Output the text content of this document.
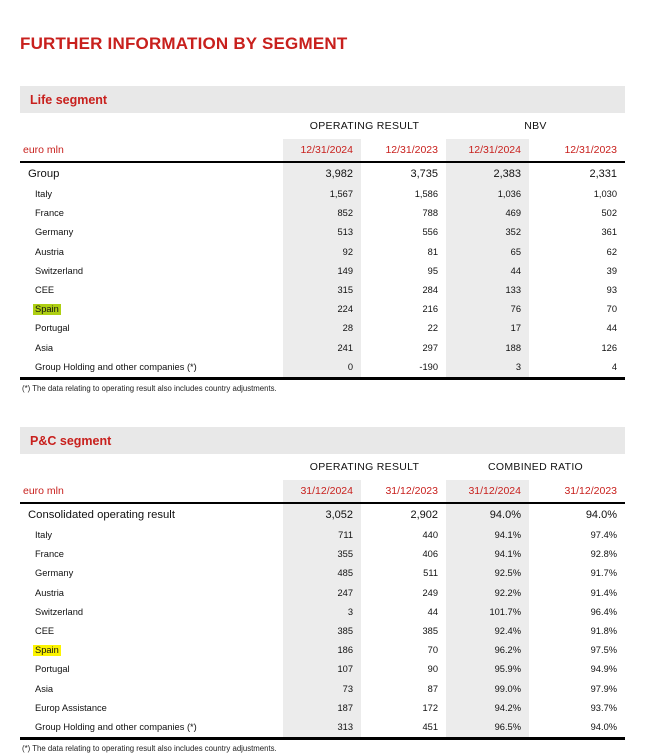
FURTHER INFORMATION BY SEGMENT
Life segment
	OPERATING RESULT		NBV	
euro mln	12/31/2024	12/31/2023	12/31/2024	12/31/2023
Group	3,982	3,735	2,383	2,331
Italy	1,567	1,586	1,036	1,030
France	852	788	469	502
Germany	513	556	352	361
Austria	92	81	65	62
Switzerland	149	95	44	39
CEE	315	284	133	93
Spain	224	216	76	70
Portugal	28	22	17	44
Asia	241	297	188	126
Group Holding and other companies (*)	0	-190	3	4
(*) The data relating to operating result also includes country adjustments.
P&C segment
	OPERATING RESULT		COMBINED RATIO	
euro mln	31/12/2024	31/12/2023	31/12/2024	31/12/2023
Consolidated operating result	3,052	2,902	94.0%	94.0%
Italy	711	440	94.1%	97.4%
France	355	406	94.1%	92.8%
Germany	485	511	92.5%	91.7%
Austria	247	249	92.2%	91.4%
Switzerland	3	44	101.7%	96.4%
CEE	385	385	92.4%	91.8%
Spain	186	70	96.2%	97.5%
Portugal	107	90	95.9%	94.9%
Asia	73	87	99.0%	97.9%
Europ Assistance	187	172	94.2%	93.7%
Group Holding and other companies (*)	313	451	96.5%	94.0%
(*) The data relating to operating result also includes country adjustments.
